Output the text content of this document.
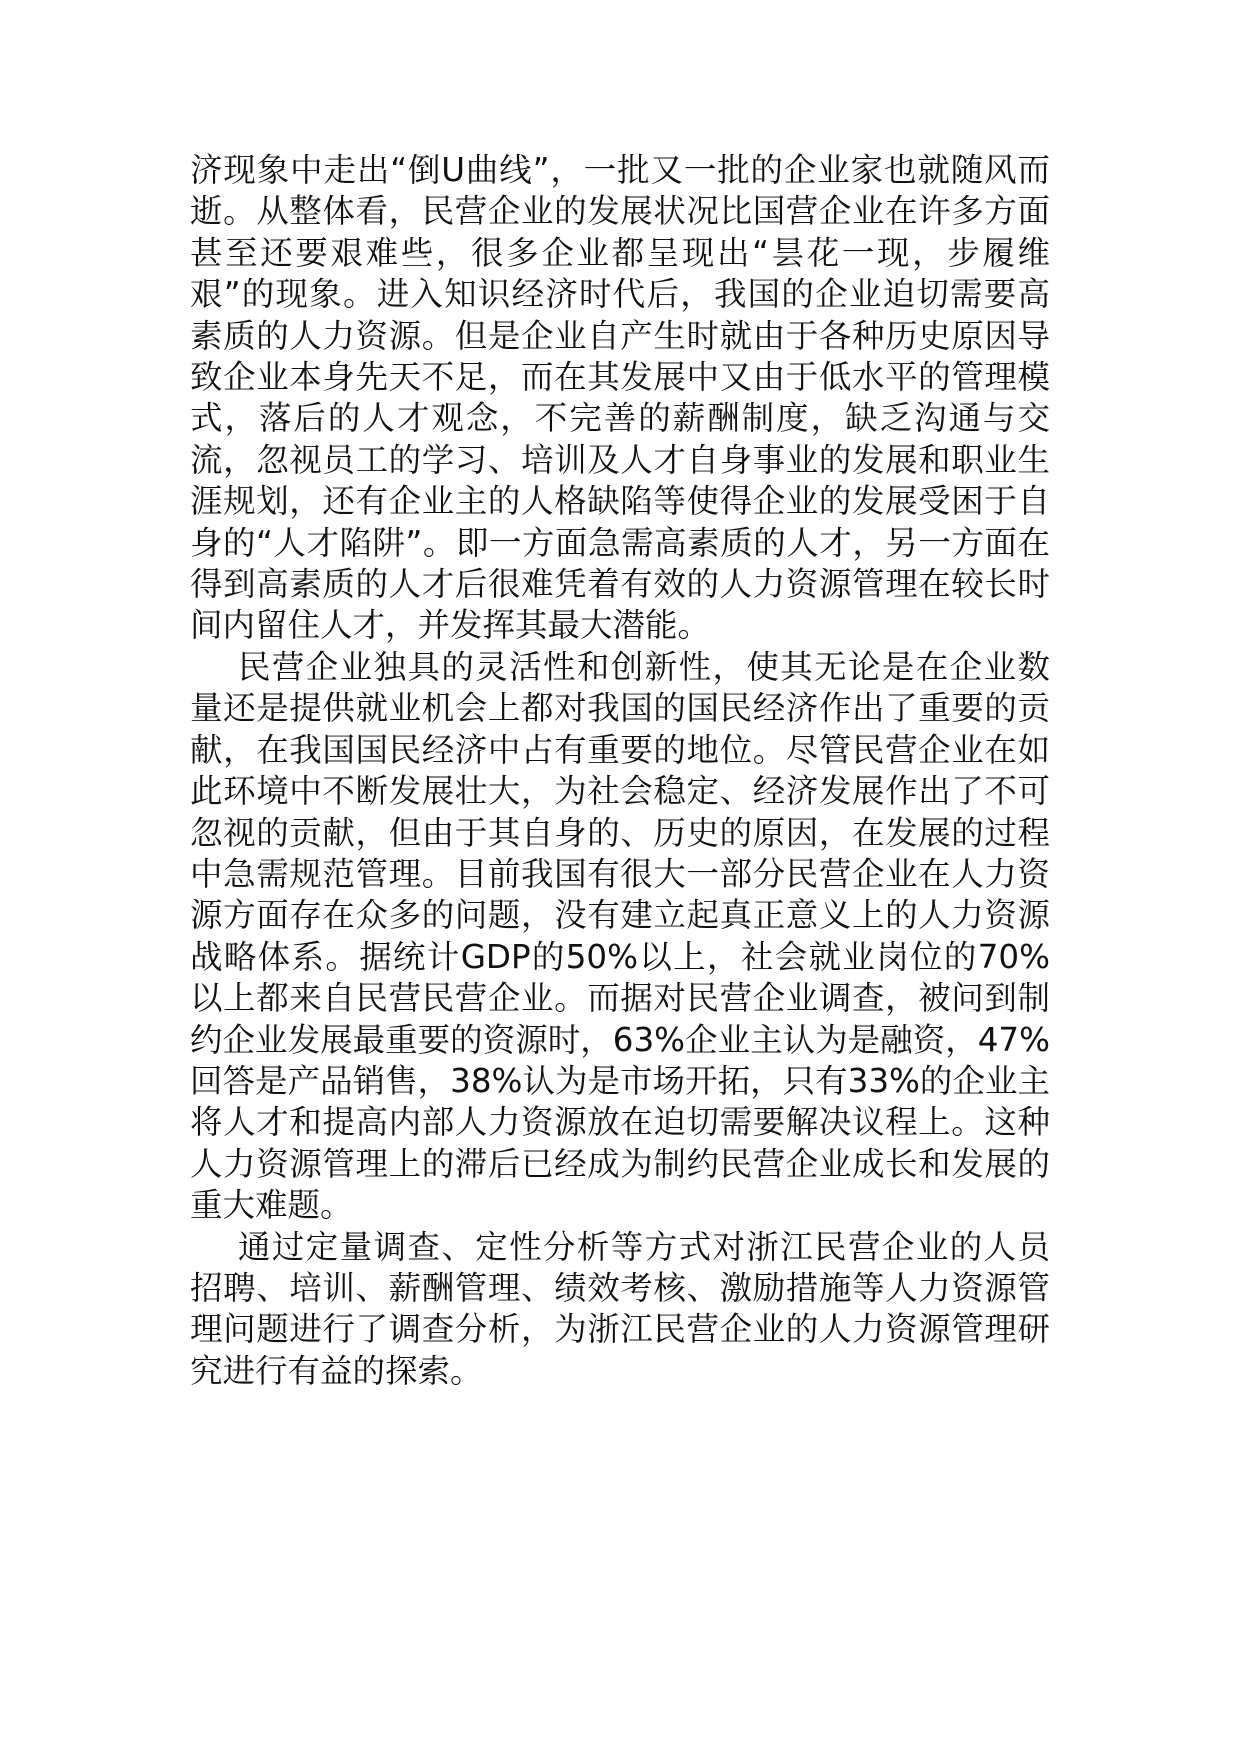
济现象中走出“倒U曲线”，一批又一批的企业家也就随风而逝。从整体看，民营企业的发展状况比国营企业在许多方面甚至还要艰难些，很多企业都呈现出“昙花一现，步履维艰”的现象。进入知识经济时代后，我国的企业迫切需要高素质的人力资源。但是企业自产生时就由于各种历史原因导致企业本身先天不足，而在其发展中又由于低水平的管理模式，落后的人才观念，不完善的薪酬制度，缺乏沟通与交流，忽视员工的学习、培训及人才自身事业的发展和职业生涯规划，还有企业主的人格缺陷等使得企业的发展受困于自身的“人才陷阱”。即一方面急需高素质的人才，另一方面在得到高素质的人才后很难凭着有效的人力资源管理在较长时间内留住人才，并发挥其最大潜能。

民营企业独具的灵活性和创新性，使其无论是在企业数量还是提供就业机会上都对我国的国民经济作出了重要的贡献，在我国国民经济中占有重要的地位。尽管民营企业在如此环境中不断发展壮大，为社会稳定、经济发展作出了不可忽视的贡献，但由于其自身的、历史的原因，在发展的过程中急需规范管理。目前我国有很大一部分民营企业在人力资源方面存在众多的问题，没有建立起真正意义上的人力资源战略体系。据统计GDP的50%以上，社会就业岗位的70%以上都来自民营民营企业。而据对民营企业调查，被问到制约企业发展最重要的资源时，63%企业主认为是融资，47%回答是产品销售，38%认为是市场开拓，只有33%的企业主将人才和提高内部人力资源放在迫切需要解决议程上。这种人力资源管理上的滞后已经成为制约民营企业成长和发展的重大难题。

通过定量调查、定性分析等方式对浙江民营企业的人员招聘、培训、薪酬管理、绩效考核、激励措施等人力资源管理问题进行了调查分析，为浙江民营企业的人力资源管理研究进行有益的探索。
